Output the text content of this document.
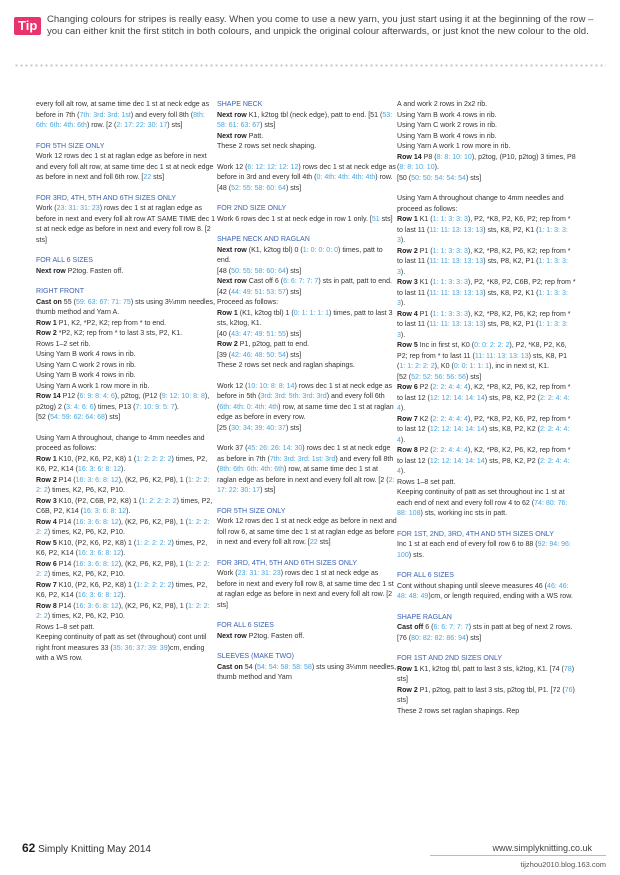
Tip	Changing colours for stripes is really easy. When you come to use a new yarn, you just start using it at the beginning of the row – you can either knit the first stitch in both colours, and unpick the original colour afterwards, or just knot the new colour to the old.
every foll alt row, at same time dec 1 st at neck edge as before in 7th (7th: 3rd: 3rd: 1st) and every foll 8th (8th: 6th: 6th: 4th: 6th) row. [2 (2: 17: 22: 30: 17) sts]
FOR 5TH SIZE ONLY
Work 12 rows dec 1 st at raglan edge as before in next and every foll alt row, at same time dec 1 st at neck edge as before in next and foll 6th row. [22 sts]
FOR 3RD, 4TH, 5TH AND 6TH SIZES ONLY
Work (23: 31: 31: 23) rows dec 1 st at raglan edge as before in next and every foll alt row AT SAME TIME dec 1 st at neck edge as before in next and every foll row 8. [2 sts]
FOR ALL 6 SIZES
Next row P2tog. Fasten off.
RIGHT FRONT
Cast on 55 (59: 63: 67: 71: 75) sts using 3¼mm needles, thumb method and Yarn A.
Row 1 P1, K2, *P2, K2; rep from * to end.
Row 2 *P2, K2; rep from * to last 3 sts, P2, K1.
Rows 1–2 set rib.
Using Yarn B work 4 rows in rib.
Using Yarn C work 2 rows in rib.
Using Yarn B work 4 rows in rib.
Using Yarn A work 1 row more in rib.
Row 14 P12 (6: 9: 8: 4: 6), p2tog, (P12 (9: 12: 10: 8: 8), p2tog) 2 (3: 4: 6: 6) times, P13 (7: 10: 9: 5: 7).
[52 (54: 59: 62: 64: 68) sts]
Using Yarn A throughout, change to 4mm needles and proceed as follows:
Row 1 K10, (P2, K6, P2, K8) 1 (1: 2: 2: 2: 2) times, P2, K6, P2, K14 (16: 3: 6: 8: 12).
Row 2 P14 (16: 3: 6: 8: 12), (K2, P6, K2, P8), 1 (1: 2: 2: 2: 2) times, K2, P6, K2, P10.
Row 3 K10, (P2, C6B, P2, K8) 1 (1: 2: 2: 2: 2) times, P2, C6B, P2, K14 (16: 3: 6: 8: 12).
Row 4 P14 (16: 3: 6: 8: 12), (K2, P6, K2, P8), 1 (1: 2: 2: 2: 2) times, K2, P6, K2, P10.
Row 5 K10, (P2, K6, P2, K8) 1 (1: 2: 2: 2: 2) times, P2, K6, P2, K14 (16: 3: 6: 8: 12).
Row 6 P14 (16: 3: 6: 8: 12), (K2, P6, K2, P8), 1 (1: 2: 2: 2: 2) times, K2, P6, K2, P10.
Row 7 K10, (P2, K6, P2, K8) 1 (1: 2: 2: 2: 2) times, P2, K6, P2, K14 (16: 3: 6: 8: 12).
Row 8 P14 (16: 3: 6: 8: 12), (K2, P6, K2, P8), 1 (1: 2: 2: 2: 2) times, K2, P6, K2, P10.
Rows 1–8 set patt.
Keeping continuity of patt as set (throughout) cont until right front measures 33 (35: 36: 37: 39: 39)cm, ending with a WS row.
SHAPE NECK
Next row K1, k2tog tbl (neck edge), patt to end. [51 (53: 58: 61: 63: 67) sts]
Next row Patt.
These 2 rows set neck shaping.
Work 12 (6: 12: 12: 12: 12) rows dec 1 st at neck edge as before in 3rd and every foll 4th (0: 4th: 4th: 4th: 4th) row.
[48 (52: 55: 58: 60: 64) sts]
FOR 2ND SIZE ONLY
Work 6 rows dec 1 st at neck edge in row 1 only. [51 sts]
SHAPE NECK AND RAGLAN
Next row (K1, k2tog tbl) 0 (1: 0: 0: 0: 0) times, patt to end.
[48 (50: 55: 58: 60: 64) sts]
Next row Cast off 6 (6: 6: 7: 7: 7) sts in patt, patt to end.
[42 (44: 49: 51: 53: 57) sts]
Proceed as follows:
Row 1 (K1, k2tog tbl) 1 (0: 1: 1: 1: 1) times, patt to last 3 sts, k2tog, K1.
[40 (43: 47: 49: 51: 55) sts]
Row 2 P1, p2tog, patt to end.
[39 (42: 46: 48: 50: 54) sts]
These 2 rows set neck and raglan shapings.
Work 12 (10: 10: 8: 8: 14) rows dec 1 st at neck edge as before in 5th (3rd: 3rd: 5th: 3rd: 3rd) and every foll 6th (6th: 4th: 0: 4th: 4th) row, at same time dec 1 st at raglan edge as before in every row.
[25 (30: 34: 39: 40: 37) sts]
Work 37 (45: 26: 26: 14: 30) rows dec 1 st at neck edge as before in 7th (7th: 3rd: 3rd: 1st: 3rd) and every foll 8th (8th: 6th: 6th: 4th: 6th) row, at same time dec 1 st at raglan edge as before in next and every foll alt row. [2 (2: 17: 22: 30: 17) sts]
FOR 5TH SIZE ONLY
Work 12 rows dec 1 st at neck edge as before in next and foll row 6, at same time dec 1 st at raglan edge as before in next and every foll alt row. [22 sts]
FOR 3RD, 4TH, 5TH AND 6TH SIZES ONLY
Work (23: 31: 31: 23) rows dec 1 st at neck edge as before in next and every foll row 8, at same time dec 1 st at raglan edge as before in next and every foll alt row. [2 sts]
FOR ALL 6 SIZES
Next row P2tog. Fasten off.
SLEEVES (MAKE TWO)
Cast on 54 (54: 54: 58: 58: 58) sts using 3¼mm needles, thumb method and Yarn
A and work 2 rows in 2x2 rib.
Using Yarn B work 4 rows in rib.
Using Yarn C work 2 rows in rib.
Using Yarn B work 4 rows in rib.
Using Yarn A work 1 row more in rib.
Row 14 P8 (8: 8: 10: 10), p2tog, (P10, p2tog) 3 times, P8 (8: 8: 10: 10).
[50 (50: 50: 54: 54: 54) sts]
Using Yarn A throughout change to 4mm needles and proceed as follows:
Row 1 K1 (1: 1: 3: 3: 3), P2, *K8, P2, K6, P2; rep from * to last 11 (11: 11: 13: 13: 13) sts, K8, P2, K1 (1: 1: 3: 3: 3).
Row 2 P1 (1: 1: 3: 3: 3), K2, *P8, K2, P6, K2; rep from * to last 11 (11: 11: 13: 13: 13) sts, P8, K2, P1 (1: 1: 3: 3: 3).
Row 3 K1 (1: 1: 3: 3: 3), P2, *K8, P2, C6B, P2; rep from * to last 11 (11: 11: 13: 13: 13) sts, K8, P2, K1 (1: 1: 3: 3: 3).
Row 4 P1 (1: 1: 3: 3: 3), K2, *P8, K2, P6, K2; rep from * to last 11 (11: 11: 13: 13: 13) sts, P8, K2, P1 (1: 1: 3: 3: 3).
Row 5 Inc in first st, K0 (0: 0: 2: 2: 2), P2, *K8, P2, K6, P2; rep from * to last 11 (11: 11: 13: 13: 13) sts, K8, P1 (1: 1: 2: 2: 2), K0 (0: 0: 1: 1: 1), inc in next st, K1.
[52 (52: 52: 56: 56: 56) sts]
Row 6 P2 (2: 2: 4: 4: 4), K2, *P8, K2, P6, K2, rep from * to last 12 (12: 12: 14: 14: 14) sts, P8, K2, P2 (2: 2: 4: 4: 4).
Row 7 K2 (2: 2: 4: 4: 4), P2, *K8, P2, K6, P2, rep from * to last 12 (12: 12: 14: 14: 14) sts, K8, P2, K2 (2: 2: 4: 4: 4).
Row 8 P2 (2: 2: 4: 4: 4), K2, *P8, K2, P6, K2, rep from * to last 12 (12: 12: 14: 14: 14) sts, P8, K2, P2 (2: 2: 4: 4: 4).
Rows 1–8 set patt.
Keeping continuity of patt as set throughout inc 1 st at each end of next and every foll row 4 to 62 (74: 80: 76: 88: 108) sts, working inc sts in patt.
FOR 1ST, 2ND, 3RD, 4TH AND 5TH SIZES ONLY
Inc 1 st at each end of every foll row 6 to 88 (92: 94: 96: 100) sts.
FOR ALL 6 SIZES
Cont without shaping until sleeve measures 46 (46: 46: 48: 48: 49)cm, or length required, ending with a WS row.
SHAPE RAGLAN
Cast off 6 (6: 6: 7: 7: 7) sts in patt at beg of next 2 rows. [76 (80: 82: 82: 86: 94) sts]
FOR 1ST AND 2ND SIZES ONLY
Row 1 K1, k2tog tbl, patt to last 3 sts, k2tog, K1. [74 (78) sts]
Row 2 P1, p2tog, patt to last 3 sts, p2tog tbl, P1. [72 (76) sts]
These 2 rows set raglan shapings. Rep
62 Simply Knitting May 2014	www.simplyknitting.co.uk
tijzhou2010.blog.163.com
